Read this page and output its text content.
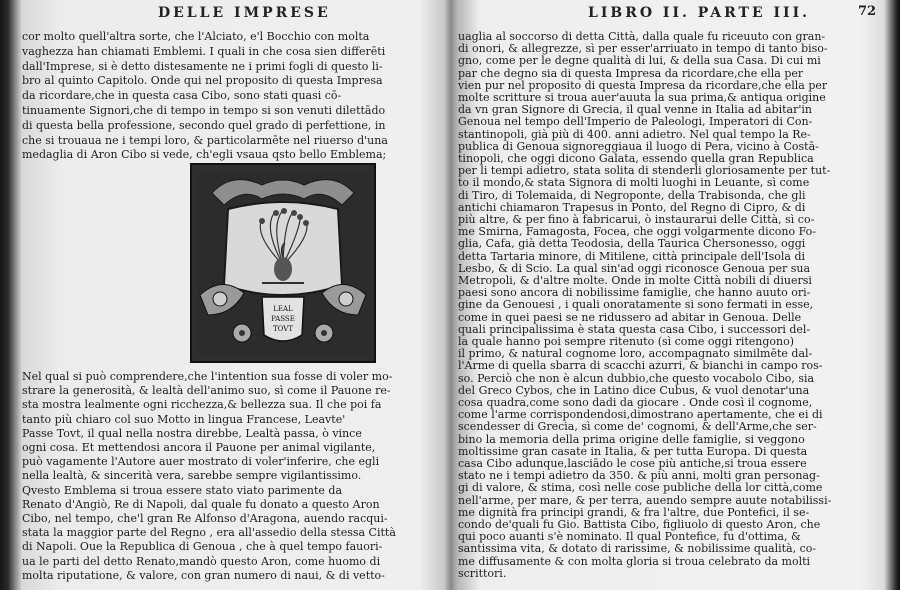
DELLE IMPRESE
cor molto quell'altra sorte, che l'Alciato, e'l Bocchio con molta
vaghezza han chiamati Emblemi. I quali in che cosa sien differēti
dall'Imprese, si è detto distesamente ne i primi fogli di questo li-
bro al quinto Capitolo. Onde qui nel proposito di questa Impresa
da ricordare,che in questa casa Cibo, sono stati quasi cō-
tinuamente Signori,che di tempo in tempo si son venuti dilettādo
di questa bella professione, secondo quel grado di perfettione, in
che si trouaua ne i tempi loro, & particolarmēte nel riuerso d'una
medaglia di Aron Cibo si vede, ch'egli vsaua qsto bello Emblema;
LEAL
PASSE
TOVT
Nel qual si può comprendere,che l'intention sua fosse di voler mo-
strare la generosità, & lealtà dell'animo suo, sì come il Pauone re-
sta mostra lealmente ogni ricchezza,& bellezza sua. Il che poi fa
tanto più chiaro col suo Motto in lingua Francese, Leavte'
Passe Tovt, il qual nella nostra direbbe, Lealtà passa, ò vince
ogni cosa. Et mettendosi ancora il Pauone per animal vigilante,
può vagamente l'Autore auer mostrato di voler'inferire, che egli
nella lealtà, & sincerità vera, sarebbe sempre vigilantissimo.
Qvesto Emblema si troua essere stato viato parimente da
Renato d'Angiò, Re di Napoli, dal quale fu donato a questo Aron
Cibo, nel tempo, che'l gran Re Alfonso d'Aragona, auendo racqui-
stata la maggior parte del Regno , era all'assedio della stessa Città
di Napoli. Oue la Republica di Genoua , che à quel tempo fauori-
ua le parti del detto Renato,mandò questo Aron, come huomo di
molta riputatione, & valore, con gran numero di naui, & di vetto-
LIBRO II. PARTE III.	72
uaglia al soccorso di detta Città, dalla quale fu riceuuto con gran-
di onori, & allegrezze, sì per esser'arriuato in tempo di tanto biso-
gno, come per le degne qualità di lui, & della sua Casa. Di cui mi
par che degno sia di questa Impresa da ricordare,che ella per
vien pur nel proposito di questa Impresa da ricordare,che ella per
molte scritture si troua auer'auuta la sua prima,& antiqua origine
da vn gran Signore di Grecia, il qual venne in Italia ad abitar'in
Genoua nel tempo dell'Imperio de Paleologi, Imperatori di Con-
stantinopoli, già più di 400. anni adietro. Nel qual tempo la Re-
publica di Genoua signoreggiaua il luogo di Pera, vicino à Costā-
tinopoli, che oggi dicono Galata, essendo quella gran Republica
per li tempi adietro, stata solita di stenderli gloriosamente per tut-
to il mondo,& stata Signora di molti luoghi in Leuante, sì come
di Tiro, di Tolemaida, di Negroponte, della Trabisonda, che gli
antichi chiamaron Trapesus in Ponto, del Regno di Cipro, & di
più altre, & per fino à fabricarui, ò instaurarui delle Città, sì co-
me Smirna, Famagosta, Focea, che oggi volgarmente dicono Fo-
glia, Cafa, già detta Teodosia, della Taurica Chersonesso, oggi
detta Tartaria minore, di Mitilene, città principale dell'Isola di
Lesbo, & di Scio. La qual sin'ad oggi riconosce Genoua per sua
Metropoli, & d'altre molte. Onde in molte Città nobili di diuersi
paesi sono ancora di nobilissime famiglie, che hanno auuto ori-
gine da Genouesi , i quali onoratamente si sono fermati in esse,
come in quei paesi se ne ridussero ad abitar in Genoua. Delle
quali principalissima è stata questa casa Cibo, i successori del-
la quale hanno poi sempre ritenuto (sì come oggi ritengono)
il primo, & natural cognome loro, accompagnato similmēte dal-
l'Arme di quella sbarra di scacchi azurri, & bianchi in campo ros-
so. Perciò che non è alcun dubbio,che questo vocabolo Cibo, sia
del Greco Cybos, che in Latino dice Cubus, & vuol denotar'una
cosa quadra,come sono dadi da giocare . Onde così il cognome,
come l'arme corrispondendosi,dimostrano apertamente, che ei di
scendesser di Grecia, sì come de' cognomi, & dell'Arme,che ser-
bino la memoria della prima origine delle famiglie, si veggono
moltissime gran casate in Italia, & per tutta Europa. Di questa
casa Cibo adunque,lasciādo le cose più antiche,si troua essere
stato ne i tempi adietro da 350. & più anni, molti gran personag-
gi di valore, & stima, così nelle cose publiche della lor città,come
nell'arme, per mare, & per terra, auendo sempre auute notabilissi-
me dignità fra principi grandi, & fra l'altre, due Pontefici, il se-
condo de'quali fu Gio. Battista Cibo, figliuolo di questo Aron, che
qui poco auanti s'è nominato. Il qual Pontefice, fu d'ottima, &
santissima vita, & dotato di rarissime, & nobilissime qualità, co-
me diffusamente & con molta gloria si troua celebrato da molti
scrittori.
